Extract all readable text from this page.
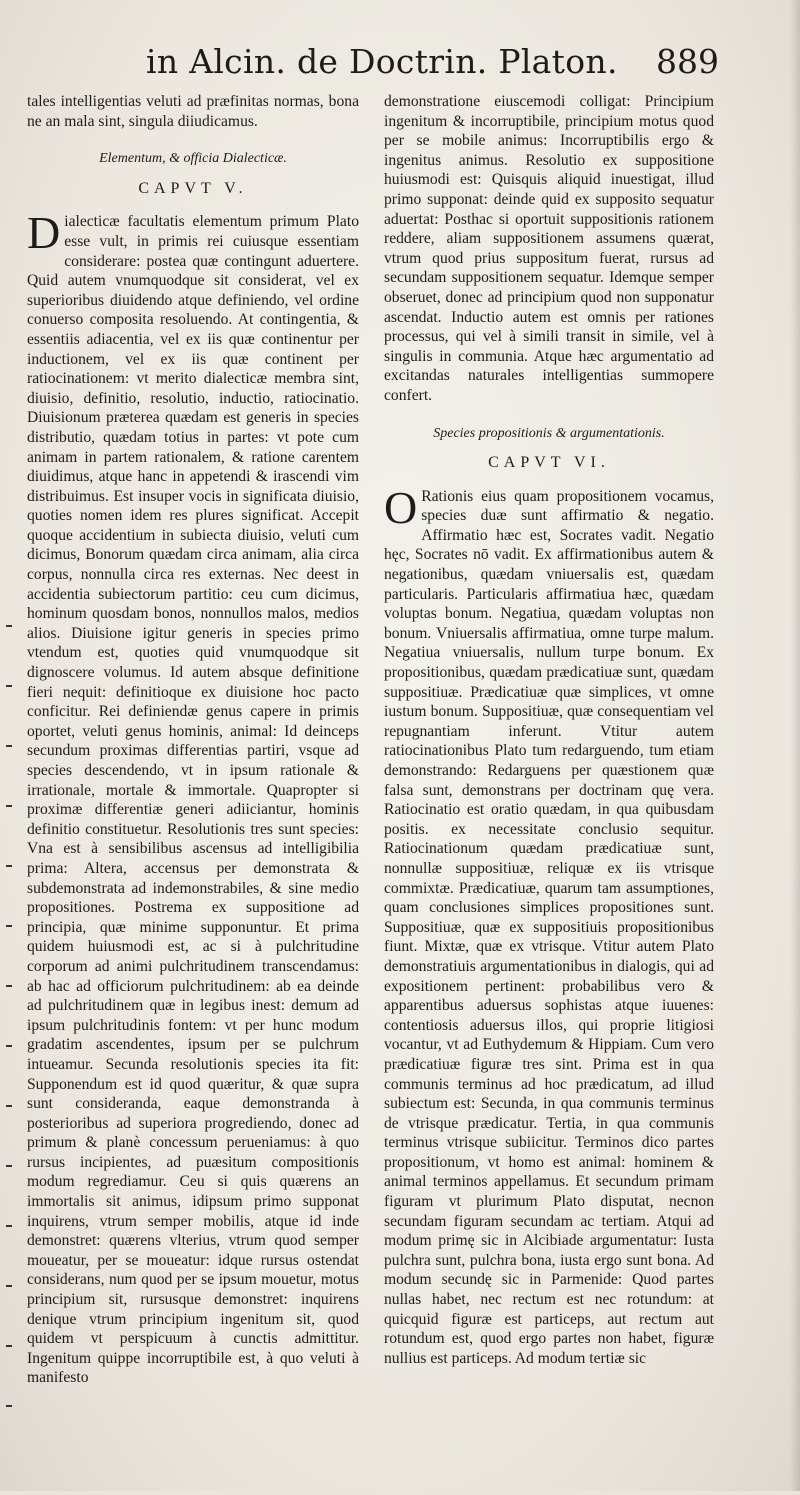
in Alcin. de Doctrin. Platon. 889

tales intelligentias veluti ad præfinitas normas, bona ne an mala sint, singula diiudicamus.

Elementum, & officia Dialecticæ.

CAPVT V.

Dialecticæ facultatis elementum primum Plato esse vult, in primis rei cuiusque essentiam considerare: postea quæ contingunt aduertere. Quid autem vnumquodque sit considerat, vel ex superioribus diuidendo atque definiendo, vel ordine conuerso composita resoluendo. At contingentia, & essentiis adiacentia, vel ex iis quæ continentur per inductionem, vel ex iis quæ continent per ratiocinationem: vt merito dialecticæ membra sint, diuisio, definitio, resolutio, inductio, ratiocinatio. Diuisionum præterea quædam est generis in species distributio, quædam totius in partes: vt pote cum animam in partem rationalem, & ratione carentem diuidimus, atque hanc in appetendi & irascendi vim distribuimus. Est insuper vocis in significata diuisio, quoties nomen idem res plures significat. Accepit quoque accidentium in subiecta diuisio, veluti cum dicimus, Bonorum quædam circa animam, alia circa corpus, nonnulla circa res externas. Nec deest in accidentia subiectorum partitio: ceu cum dicimus, hominum quosdam bonos, nonnullos malos, medios alios. Diuisione igitur generis in species primo vtendum est, quoties quid vnumquodque sit dignoscere volumus. Id autem absque definitione fieri nequit: definitioque ex diuisione hoc pacto conficitur. Rei definiendæ genus capere in primis oportet, veluti genus hominis, animal: Id deinceps secundum proximas differentias partiri, vsque ad species descendendo, vt in ipsum rationale & irrationale, mortale & immortale. Quapropter si proximæ differentiæ generi adiiciantur, hominis definitio constituetur. Resolutionis tres sunt species: Vna est à sensibilibus ascensus ad intelligibilia prima: Altera, accensus per demonstrata & subdemonstrata ad indemonstrabiles, & sine medio propositiones. Postrema ex suppositione ad principia, quæ minime supponuntur. Et prima quidem huiusmodi est, ac si à pulchritudine corporum ad animi pulchritudinem transcendamus: ab hac ad officiorum pulchritudinem: ab ea deinde ad pulchritudinem quæ in legibus inest: demum ad ipsum pulchritudinis fontem: vt per hunc modum gradatim ascendentes, ipsum per se pulchrum intueamur. Secunda resolutionis species ita fit: Supponendum est id quod quæritur, & quæ supra sunt consideranda, eaque demonstranda à posterioribus ad superiora progrediendo, donec ad primum & planè concessum perueniamus: à quo rursus incipientes, ad puæsitum compositionis modum regrediamur. Ceu si quis quærens an immortalis sit animus, idipsum primo supponat inquirens, vtrum semper mobilis, atque id inde demonstret: quærens vlterius, vtrum quod semper moueatur, per se moueatur: idque rursus ostendat considerans, num quod per se ipsum mouetur, motus principium sit, rursusque demonstret: inquirens denique vtrum principium ingenitum sit, quod quidem vt perspicuum à cunctis admittitur. Ingenitum quippe incorruptibile est, à quo veluti à manifesto

demonstratione eiuscemodi colligat: Principium ingenitum & incorruptibile, principium motus quod per se mobile animus: Incorruptibilis ergo & ingenitus animus. Resolutio ex suppositione huiusmodi est: Quisquis aliquid inuestigat, illud primo supponat: deinde quid ex supposito sequatur aduertat: Posthac si oportuit suppositionis rationem reddere, aliam suppositionem assumens quærat, vtrum quod prius suppositum fuerat, rursus ad secundam suppositionem sequatur. Idemque semper obseruet, donec ad principium quod non supponatur ascendat. Inductio autem est omnis per rationes processus, qui vel à simili transit in simile, vel à singulis in communia. Atque hæc argumentatio ad excitandas naturales intelligentias summopere confert.

Species propositionis & argumentationis.

CAPVT VI.

O Rationis eius quam propositionem vocamus, species duæ sunt affirmatio & negatio. Affirmatio hæc est, Socrates vadit. Negatio hęc, Socrates nō vadit. Ex affirmationibus autem & negationibus, quædam vniuersalis est, quædam particularis. Particularis affirmatiua hæc, quædam voluptas bonum. Negatiua, quædam voluptas non bonum. Vniuersalis affirmatiua, omne turpe malum. Negatiua vniuersalis, nullum turpe bonum. Ex propositionibus, quædam prædicatiuæ sunt, quædam suppositiuæ. Prædicatiuæ quæ simplices, vt omne iustum bonum. Suppositiuæ, quæ consequentiam vel repugnantiam inferunt. Vtitur autem ratiocinationibus Plato tum redarguendo, tum etiam demonstrando: Redarguens per quæstionem quæ falsa sunt, demonstrans per doctrinam quę vera. Ratiocinatio est oratio quædam, in qua quibusdam positis. ex necessitate conclusio sequitur. Ratiocinationum quædam prædicatiuæ sunt, nonnullæ suppositiuæ, reliquæ ex iis vtrisque commixtæ. Prædicatiuæ, quarum tam assumptiones, quam conclusiones simplices propositiones sunt. Suppositiuæ, quæ ex suppositiuis propositionibus fiunt. Mixtæ, quæ ex vtrisque. Vtitur autem Plato demonstratiuis argumentationibus in dialogis, qui ad expositionem pertinent: probabilibus vero & apparentibus aduersus sophistas atque iuuenes: contentiosis aduersus illos, qui proprie litigiosi vocantur, vt ad Euthydemum & Hippiam. Cum vero prædicatiuæ figuræ tres sint. Prima est in qua communis terminus ad hoc prædicatum, ad illud subiectum est: Secunda, in qua communis terminus de vtrisque prædicatur. Tertia, in qua communis terminus vtrisque subiicitur. Terminos dico partes propositionum, vt homo est animal: hominem & animal terminos appellamus. Et secundum primam figuram vt plurimum Plato disputat, necnon secundam figuram secundam ac tertiam. Atqui ad modum primę sic in Alcibiade argumentatur: Iusta pulchra sunt, pulchra bona, iusta ergo sunt bona. Ad modum secundę sic in Parmenide: Quod partes nullas habet, nec rectum est nec rotundum: at quicquid figuræ est particeps, aut rectum aut rotundum est, quod ergo partes non habet, figuræ nullius est particeps. Ad modum tertiæ sic
